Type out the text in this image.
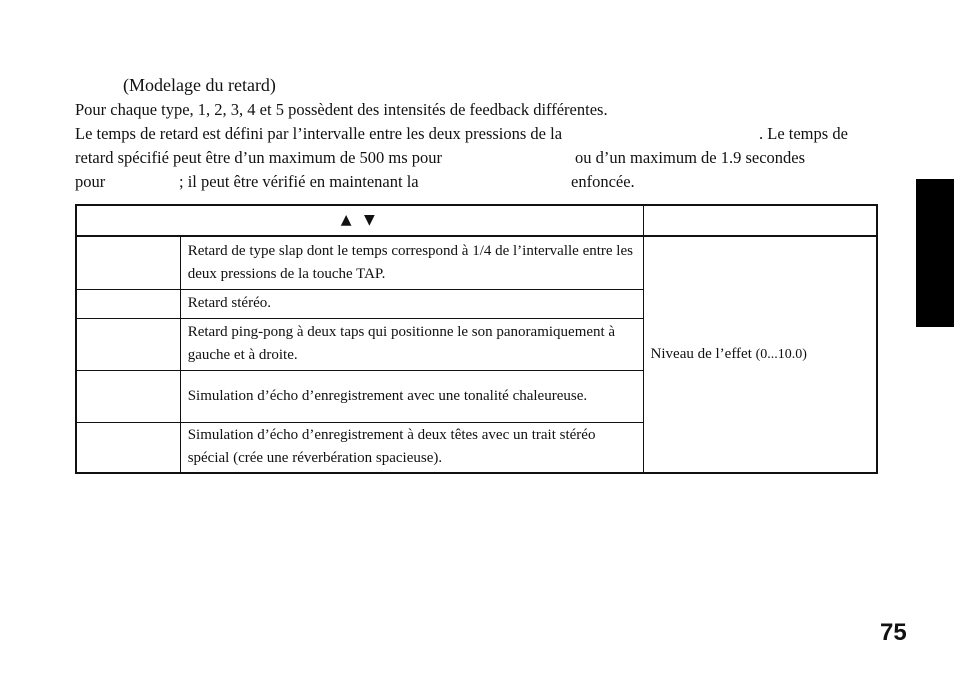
(Modelage du retard)
Pour chaque type, 1, 2, 3, 4 et 5 possèdent des intensités de feedback différentes.
Le temps de retard est défini par l’intervalle entre les deux pressions de la	. Le temps de
retard spécifié peut être d’un maximum de 500 ms pour	ou d’un maximum de 1.9 secondes
pour	; il peut être vérifié en maintenant la	enfoncée.
▲ ▼		
	Retard de type slap dont le temps correspond à 1/4 de l’intervalle entre les deux pressions de la touche TAP.	Niveau de l’effet (0...10.0)
	Retard stéréo.	
	Retard ping-pong à deux taps qui positionne le son panoramiquement à gauche et à droite.	
	Simulation d’écho d’enregistrement avec une tonalité chaleureuse.	
	Simulation d’écho d’enregistrement à deux têtes avec un trait stéréo spécial (crée une réverbération spacieuse).	
75
